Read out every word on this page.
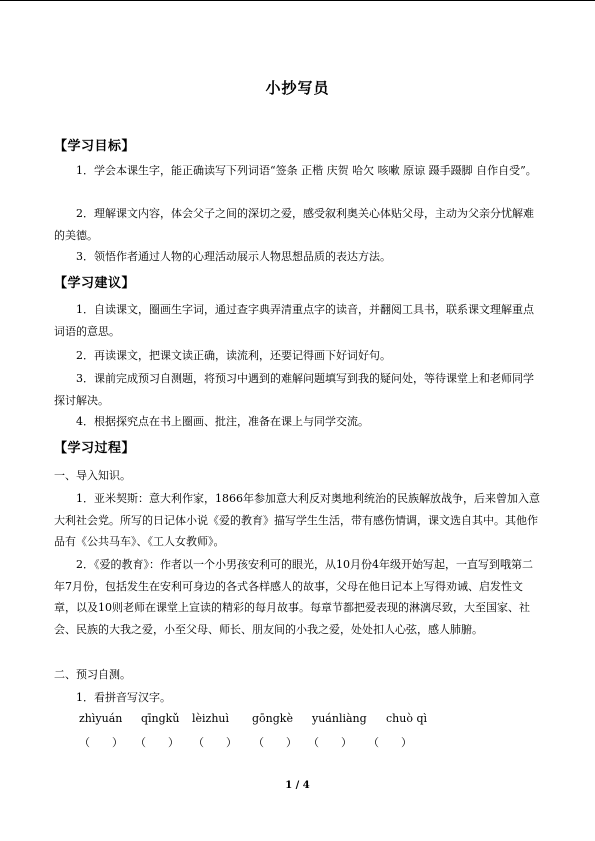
小抄写员
【学习目标】
1．学会本课生字，能正确读写下列词语“签条 正楷 庆贺 哈欠 咳嗽 原谅 蹑手蹑脚 自作自受”。
2．理解课文内容，体会父子之间的深切之爱，感受叙利奥关心体贴父母，主动为父亲分忧解难的美德。
3．领悟作者通过人物的心理活动展示人物思想品质的表达方法。
【学习建议】
1．自读课文，圈画生字词，通过查字典弄清重点字的读音，并翻阅工具书，联系课文理解重点词语的意思。
2．再读课文，把课文读正确，读流利，还要记得画下好词好句。
3．课前完成预习自测题，将预习中遇到的难解问题填写到我的疑问处，等待课堂上和老师同学探讨解决。
4．根据探究点在书上圈画、批注，准备在课上与同学交流。
【学习过程】
一、导入知识。
1．亚米契斯：意大利作家，1866年参加意大利反对奥地利统治的民族解放战争，后来曾加入意大利社会党。所写的日记体小说《爱的教育》描写学生生活，带有感伤情调，课文选自其中。其他作品有《公共马车》、《工人女教师》。
2．《爱的教育》：作者以一个小男孩安利可的眼光，从10月份4年级开始写起，一直写到哦第二年7月份，包括发生在安利可身边的各式各样感人的故事，父母在他日记本上写得劝诫、启发性文章，以及10则老师在课堂上宣读的精彩的每月故事。每章节都把爱表现的淋漓尽致，大至国家、社会、民族的大我之爱，小至父母、师长、朋友间的小我之爱，处处扣人心弦，感人肺腑。
二、预习自测。
1．看拼音写汉字。
zhìyuán qīngkǔ lèizhuì gōngkè yuánliàng chuò qì
（　　） （　　） （　　） （　　） （　　） （　　）
1 / 4
